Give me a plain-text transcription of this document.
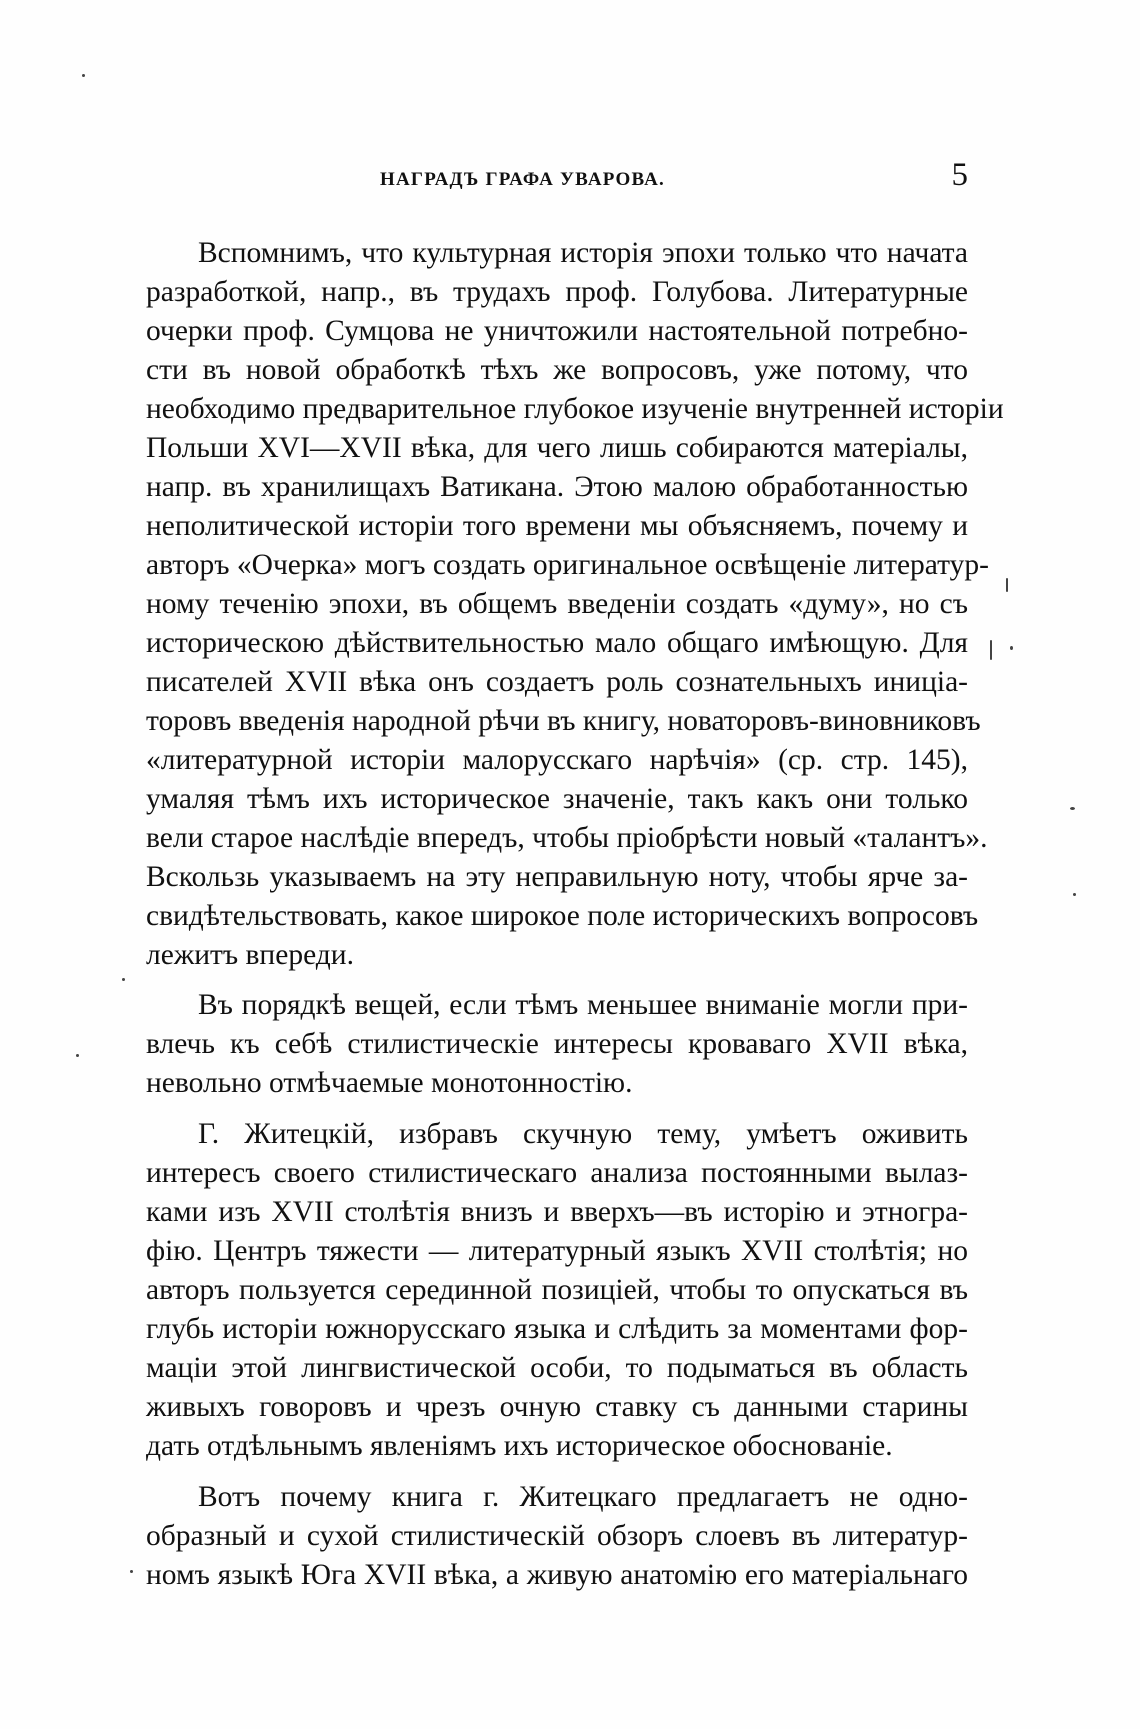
НАГРАДЪ ГРАФА УВАРОВА.	5
Вспомнимъ, что культурная исторія эпохи только что начата
разработкой, напр., въ трудахъ проф. Голубова. Литературные
очерки проф. Сумцова не уничтожили настоятельной потребно-
сти въ новой обработкѣ тѣхъ же вопросовъ, уже потому, что
необходимо предварительное глубокое изученіе внутренней исторіи
Польши XVI—XVII вѣка, для чего лишь собираются матеріалы,
напр. въ хранилищахъ Ватикана. Этою малою обработанностью
неполитической исторіи того времени мы объясняемъ, почему и
авторъ «Очерка» могъ создать оригинальное освѣщеніе литератур-
ному теченію эпохи, въ общемъ введеніи создать «думу», но съ
историческою дѣйствительностью мало общаго имѣющую. Для
писателей XVII вѣка онъ создаетъ роль сознательныхъ иниціа-
торовъ введенія народной рѣчи въ книгу, новаторовъ-виновниковъ
«литературной исторіи малорусскаго нарѣчія» (ср. стр. 145),
умаляя тѣмъ ихъ историческое значеніе, такъ какъ они только
вели старое наслѣдіе впередъ, чтобы пріобрѣсти новый «талантъ».
Вскользь указываемъ на эту неправильную ноту, чтобы ярче за-
свидѣтельствовать, какое широкое поле историческихъ вопросовъ
лежитъ впереди.
Въ порядкѣ вещей, если тѣмъ меньшее вниманіе могли при-
влечь къ себѣ стилистическіе интересы кроваваго XVII вѣка,
невольно отмѣчаемые монотонностію.
Г. Житецкій, избравъ скучную тему, умѣетъ оживить
интересъ своего стилистическаго анализа постоянными вылаз-
ками изъ XVII столѣтія внизъ и вверхъ—въ исторію и этногра-
фію. Центръ тяжести — литературный языкъ XVII столѣтія; но
авторъ пользуется серединной позиціей, чтобы то опускаться въ
глубь исторіи южнорусскаго языка и слѣдить за моментами фор-
маціи этой лингвистической особи, то подыматься въ область
живыхъ говоровъ и чрезъ очную ставку съ данными старины
дать отдѣльнымъ явленіямъ ихъ историческое обоснованіе.
Вотъ почему книга г. Житецкаго предлагаетъ не одно-
образный и сухой стилистическій обзоръ слоевъ въ литератур-
номъ языкѣ Юга XVII вѣка, а живую анатомію его матеріальнаго
